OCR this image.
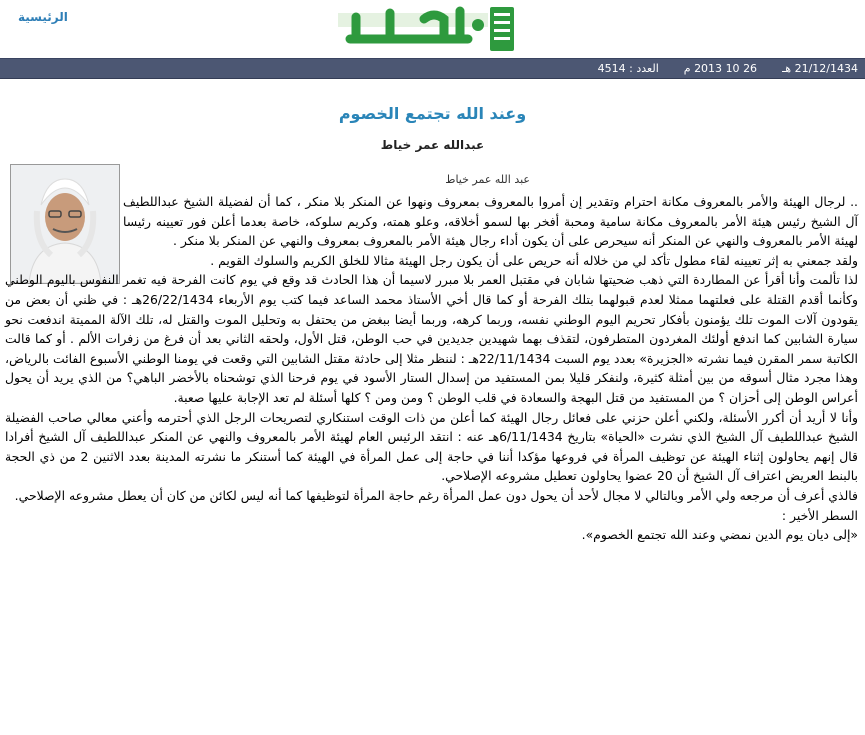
الرئيسية
21/12/1434 هـ  26 10 2013 م  العدد : 4514
وعند الله تجتمع الخصوم
عبدالله عمر خياط
عبد الله عمر خياط

.. لرجال الهيئة والأمر بالمعروف مكانة احترام وتقدير إن أمروا بالمعروف بمعروف ونهوا عن المنكر بلا منكر ، كما أن لفضيلة الشيخ عبداللطيف آل الشيخ رئيس هيئة الأمر بالمعروف مكانة سامية ومحبة أفخر بها لسمو أخلاقه، وعلو همته، وكريم سلوكه، خاصة بعدما أعلن فور تعيينه رئيسا لهيئة الأمر بالمعروف والنهي عن المنكر أنه سيحرص على أن يكون أداء رجال هيئة الأمر بالمعروف بمعروف والنهي عن المنكر بلا منكر .

ولقد جمعني به إثر تعيينه لقاء مطول تأكد لي من خلاله أنه حريص على أن يكون رجل الهيئة مثالا للخلق الكريم والسلوك القويم .

لذا تألمت وأنا أقرأ عن المطاردة التي ذهب ضحيتها شابان في مقتبل العمر بلا مبرر لاسيما أن هذا الحادث قد وقع في يوم كانت الفرحة فيه تغمر النفوس باليوم الوطني وكأنما أقدم القتلة على فعلتهما ممثلا لعدم قبولهما بتلك الفرحة أو كما قال أخي الأستاذ محمد الساعد فيما كتب يوم الأربعاء 26/22/1434هـ : في ظني أن بعض من يقودون آلات الموت تلك يؤمنون بأفكار تحريم اليوم الوطني نفسه، وربما كرهه، وربما أيضا ببغض من يحتفل به وتحليل الموت والقتل له، تلك الآلة المميتة اندفعت نحو سيارة الشابين كما اندفع أولئك المغردون المتطرفون، لتقذف بهما شهيدين جديدين في حب الوطن، قتل الأول، ولحقه الثاني بعد أن فرغ من زفرات الألم . أو كما قالت الكاتبة سمر المقرن فيما نشرته «الجزيرة» بعدد يوم السبت 22/11/1434هـ : لننظر مثلا إلى حادثة مقتل الشابين التي وقعت في يومنا الوطني الأسبوع الفائت بالرياض، وهذا مجرد مثال أسوقه من بين أمثلة كثيرة، ولنفكر قليلا بمن المستفيد من إسدال الستار الأسود في يوم فرحنا الذي توشحناه بالأخضر الباهي؟ من الذي يريد أن يحول أعراس الوطن إلى أحزان ؟ من المستفيد من قتل البهجة والسعادة في قلب الوطن ؟ ومن ومن ؟ كلها أسئلة لم تعد الإجابة عليها صعبة.

وأنا لا أريد أن أكرر الأسئلة، ولكني أعلن حزني على فعائل رجال الهيئة كما أعلن من ذات الوقت استنكاري لتصريحات الرجل الذي أحترمه وأعني معالي صاحب الفضيلة الشيخ عبداللطيف آل الشيخ الذي نشرت «الحياة» بتاريخ 6/11/1434هـ عنه : انتقد الرئيس العام لهيئة الأمر بالمعروف والنهي عن المنكر عبداللطيف آل الشيخ أفرادا قال إنهم يحاولون إثناء الهيئة عن توظيف المرأة في فروعها مؤكدا أننا في حاجة إلى عمل المرأة في الهيئة كما أستنكر ما نشرته المدينة بعدد الاثنين 2 من ذي الحجة بالبنط العريض اعتراف آل الشيخ أن 20 عضوا يحاولون تعطيل مشروعه الإصلاحي.

فالذي أعرف أن مرجعه ولي الأمر وبالتالي لا مجال لأحد أن يحول دون عمل المرأة رغم حاجة المرأة لتوظيفها كما أنه ليس لكائن من كان أن يعطل مشروعه الإصلاحي.

السطر الأخير :

«إلى ديان يوم الدين نمضي وعند الله تجتمع الخصوم».
